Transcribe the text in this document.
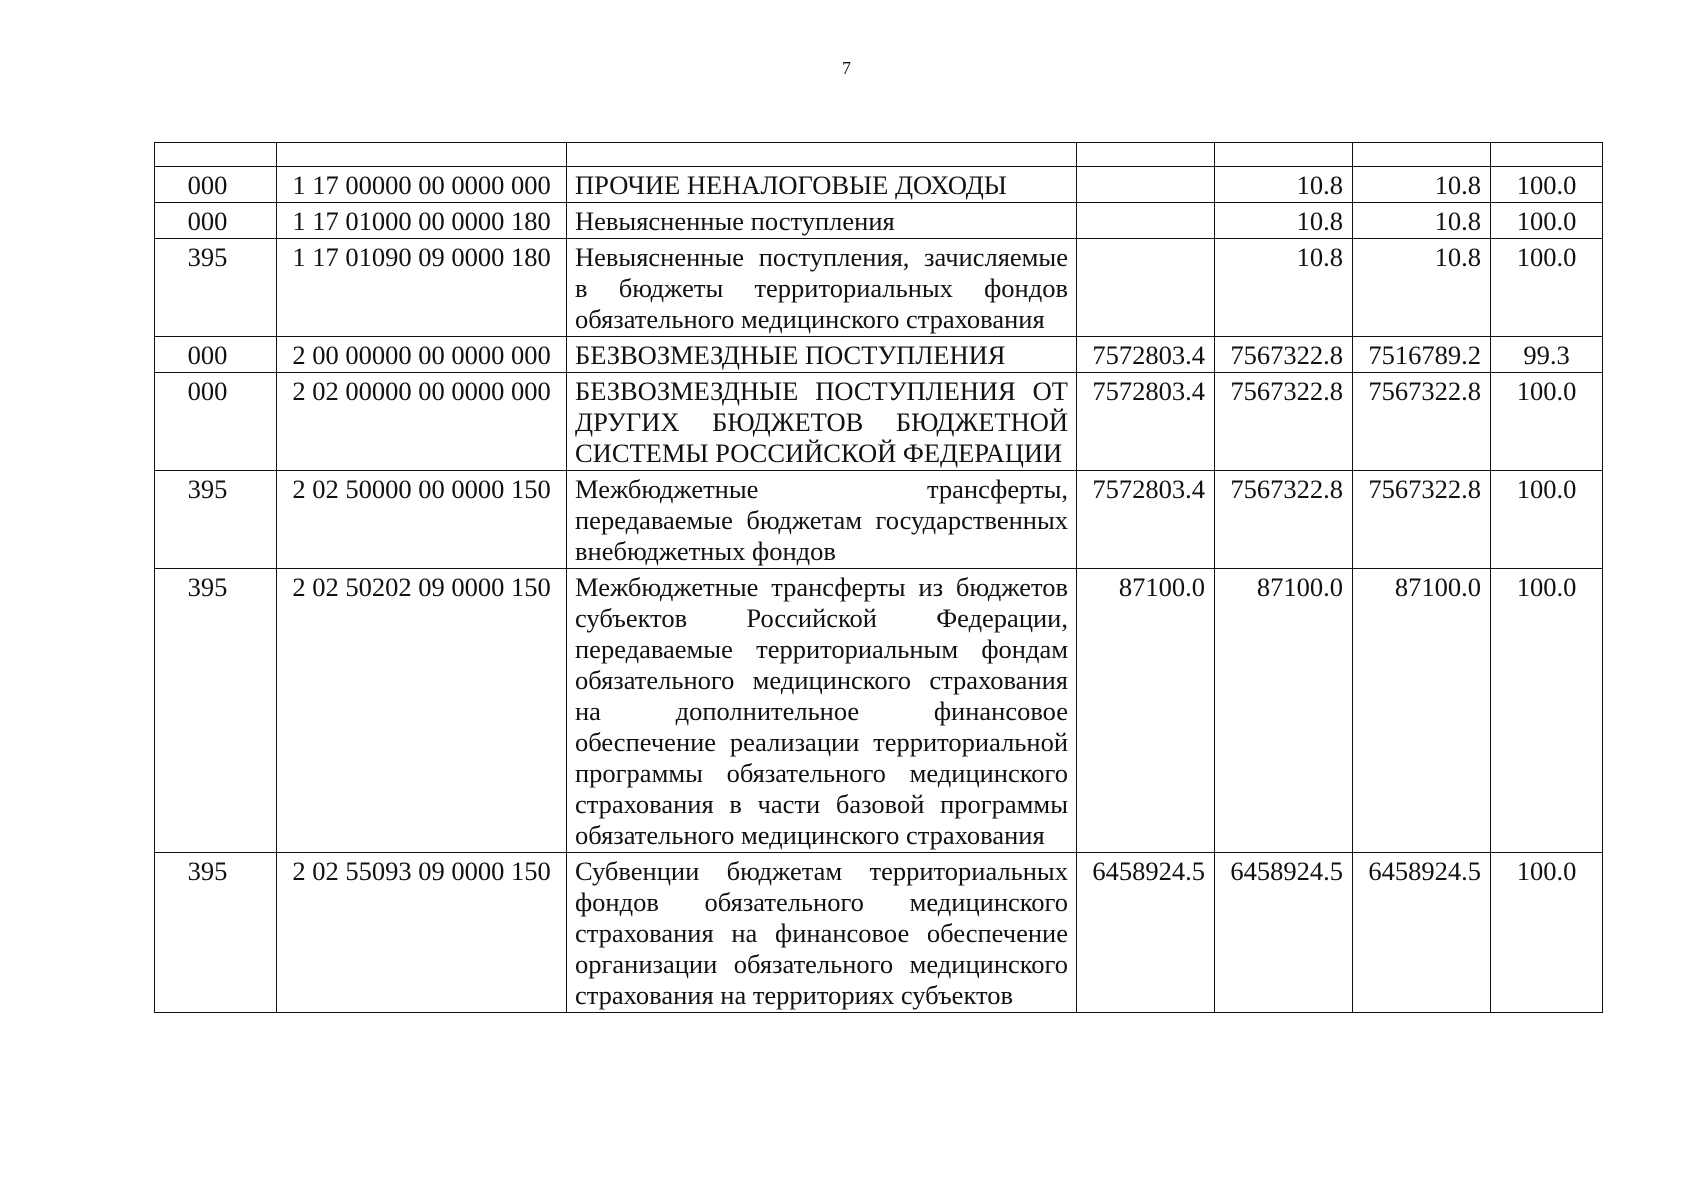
7

000	1 17 00000 00 0000 000	ПРОЧИЕ НЕНАЛОГОВЫЕ ДОХОДЫ		10.8	10.8	100.0
000	1 17 01000 00 0000 180	Невыясненные поступления		10.8	10.8	100.0
395	1 17 01090 09 0000 180	Невыясненные поступления, зачисляемые в бюджеты территориальных фондов обязательного медицинского страхования		10.8	10.8	100.0
000	2 00 00000 00 0000 000	БЕЗВОЗМЕЗДНЫЕ ПОСТУПЛЕНИЯ	7572803.4	7567322.8	7516789.2	99.3
000	2 02 00000 00 0000 000	БЕЗВОЗМЕЗДНЫЕ ПОСТУПЛЕНИЯ ОТ ДРУГИХ БЮДЖЕТОВ БЮДЖЕТНОЙ СИСТЕМЫ РОССИЙСКОЙ ФЕДЕРАЦИИ	7572803.4	7567322.8	7567322.8	100.0
395	2 02 50000 00 0000 150	Межбюджетные трансферты, передаваемые бюджетам государственных внебюджетных фондов	7572803.4	7567322.8	7567322.8	100.0
395	2 02 50202 09 0000 150	Межбюджетные трансферты из бюджетов субъектов Российской Федерации, передаваемые территориальным фондам обязательного медицинского страхования на дополнительное финансовое обеспечение реализации территориальной программы обязательного медицинского страхования в части базовой программы обязательного медицинского страхования	87100.0	87100.0	87100.0	100.0
395	2 02 55093 09 0000 150	Субвенции бюджетам территориальных фондов обязательного медицинского страхования на финансовое обеспечение организации обязательного медицинского страхования на территориях субъектов	6458924.5	6458924.5	6458924.5	100.0
